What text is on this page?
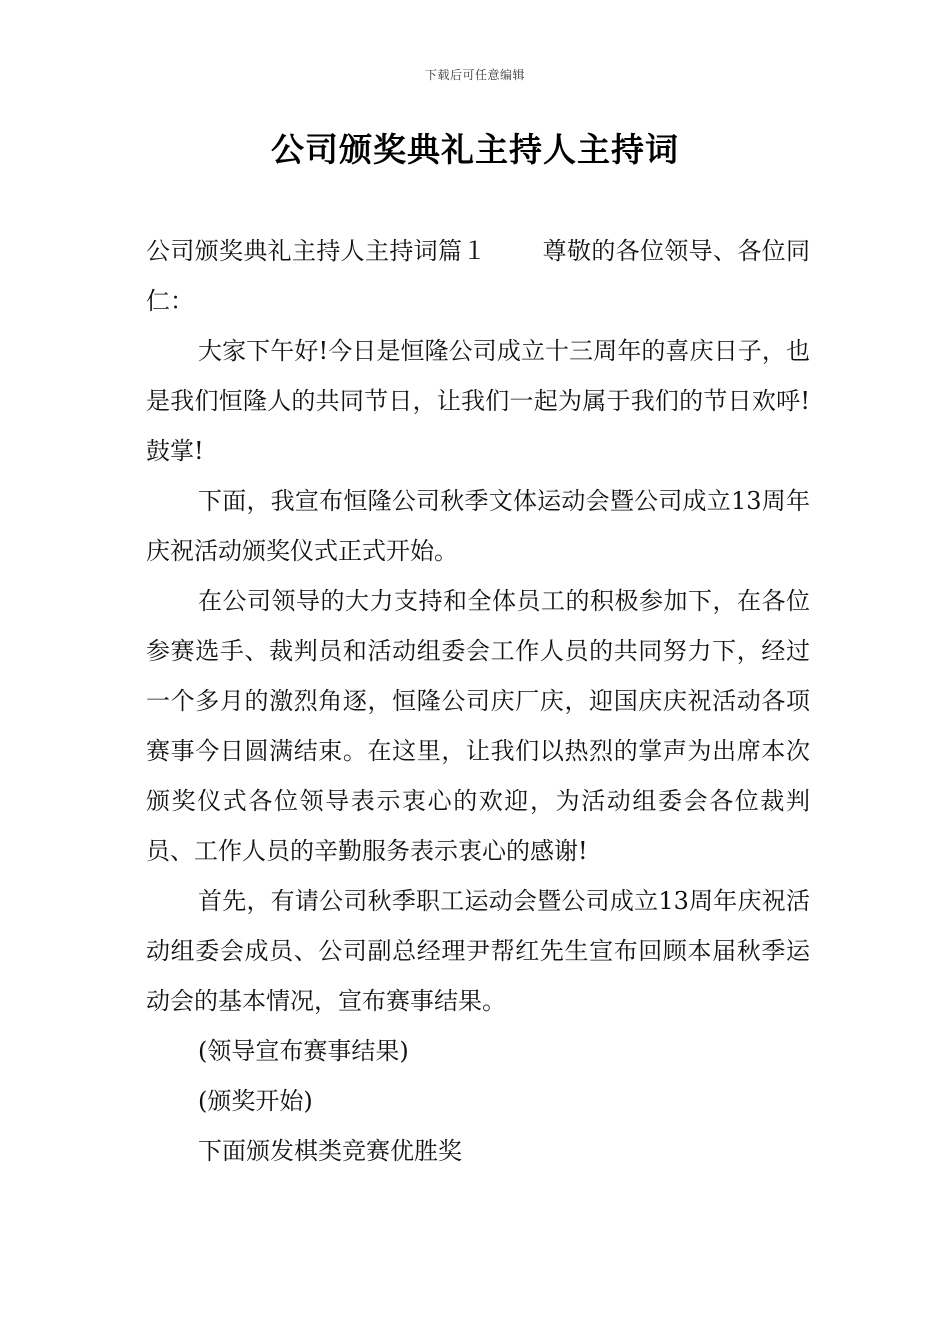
下载后可任意编辑
公司颁奖典礼主持人主持词

公司颁奖典礼主持人主持词篇１ 尊敬的各位领导、各位同仁：

大家下午好!今日是恒隆公司成立十三周年的喜庆日子，也是我们恒隆人的共同节日，让我们一起为属于我们的节日欢呼!鼓掌!

下面，我宣布恒隆公司秋季文体运动会暨公司成立13周年庆祝活动颁奖仪式正式开始。

在公司领导的大力支持和全体员工的积极参加下，在各位参赛选手、裁判员和活动组委会工作人员的共同努力下，经过一个多月的激烈角逐，恒隆公司庆厂庆，迎国庆庆祝活动各项赛事今日圆满结束。在这里，让我们以热烈的掌声为出席本次颁奖仪式各位领导表示衷心的欢迎，为活动组委会各位裁判员、工作人员的辛勤服务表示衷心的感谢!

首先，有请公司秋季职工运动会暨公司成立13周年庆祝活动组委会成员、公司副总经理尹帮红先生宣布回顾本届秋季运动会的基本情况，宣布赛事结果。

(领导宣布赛事结果)

(颁奖开始)

下面颁发棋类竞赛优胜奖
